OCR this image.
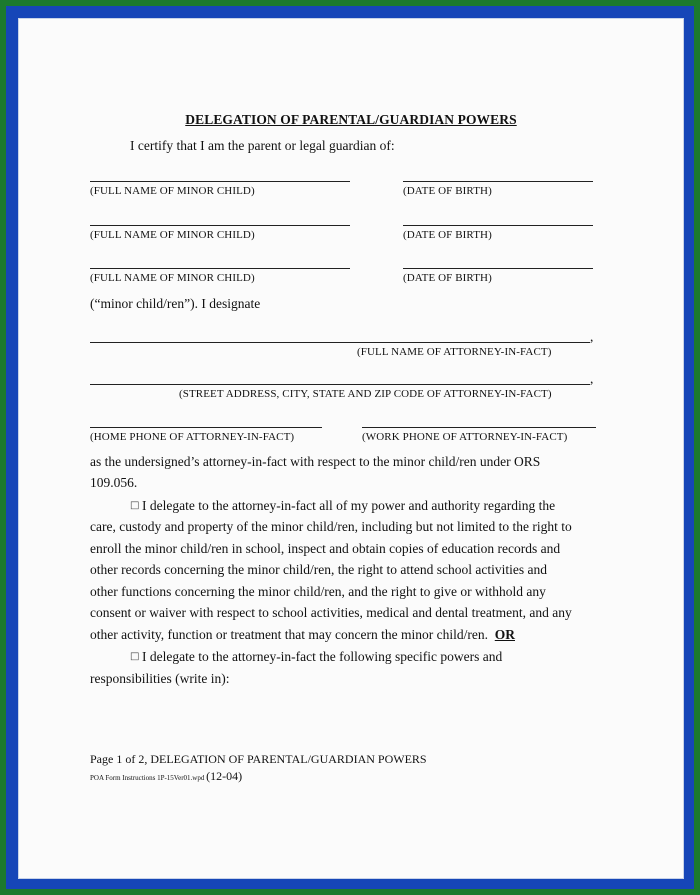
DELEGATION OF PARENTAL/GUARDIAN POWERS
I certify that I am the parent or legal guardian of:
(FULL NAME OF MINOR CHILD)	(DATE OF BIRTH)
(FULL NAME OF MINOR CHILD)	(DATE OF BIRTH)
(FULL NAME OF MINOR CHILD)	(DATE OF BIRTH)
(“minor child/ren”). I designate
,
(FULL NAME OF ATTORNEY-IN-FACT)
,
(STREET ADDRESS, CITY, STATE AND ZIP CODE OF ATTORNEY-IN-FACT)
(HOME PHONE OF ATTORNEY-IN-FACT)	(WORK PHONE OF ATTORNEY-IN-FACT)
as the undersigned’s attorney-in-fact with respect to the minor child/ren under ORS
109.056.
□ I delegate to the attorney-in-fact all of my power and authority regarding the
care, custody and property of the minor child/ren, including but not limited to the right to
enroll the minor child/ren in school, inspect and obtain copies of education records and
other records concerning the minor child/ren, the right to attend school activities and
other functions concerning the minor child/ren, and the right to give or withhold any
consent or waiver with respect to school activities, medical and dental treatment, and any
other activity, function or treatment that may concern the minor child/ren. OR
□ I delegate to the attorney-in-fact the following specific powers and
responsibilities (write in):
Page 1 of 2, DELEGATION OF PARENTAL/GUARDIAN POWERS
POA Form Instructions 1P-15Ver01.wpd (12-04)
